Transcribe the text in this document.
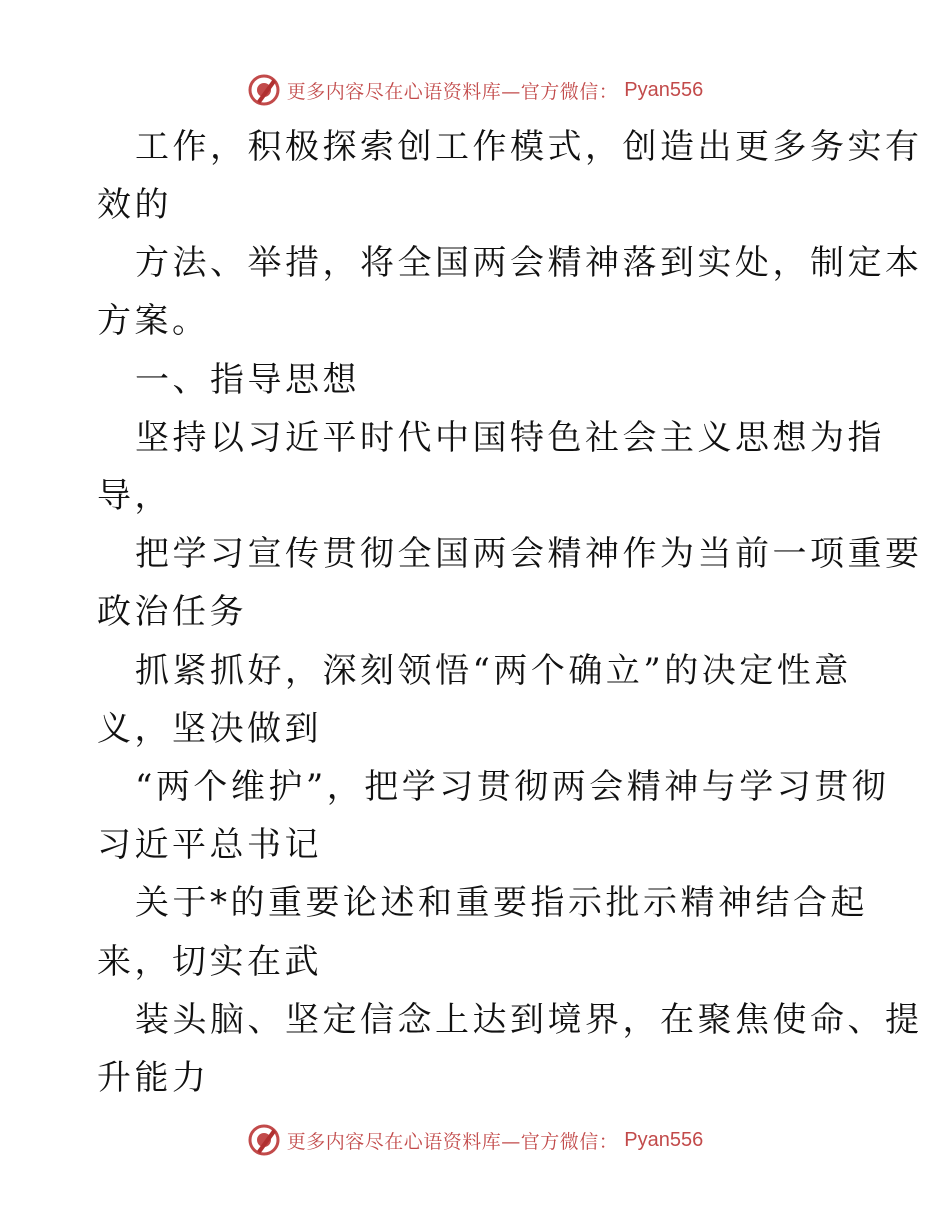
更多内容尽在心语资料库—官方微信： Pyan556
工作，积极探索创工作模式，创造出更多务实有
效的
方法、举措，将全国两会精神落到实处，制定本
方案。
一、指导思想
坚持以习近平时代中国特色社会主义思想为指
导，
把学习宣传贯彻全国两会精神作为当前一项重要
政治任务
抓紧抓好，深刻领悟“两个确立”的决定性意
义，坚决做到
“两个维护”，把学习贯彻两会精神与学习贯彻
习近平总书记
关于*的重要论述和重要指示批示精神结合起
来，切实在武
装头脑、坚定信念上达到境界，在聚焦使命、提
升能力
更多内容尽在心语资料库—官方微信： Pyan556
